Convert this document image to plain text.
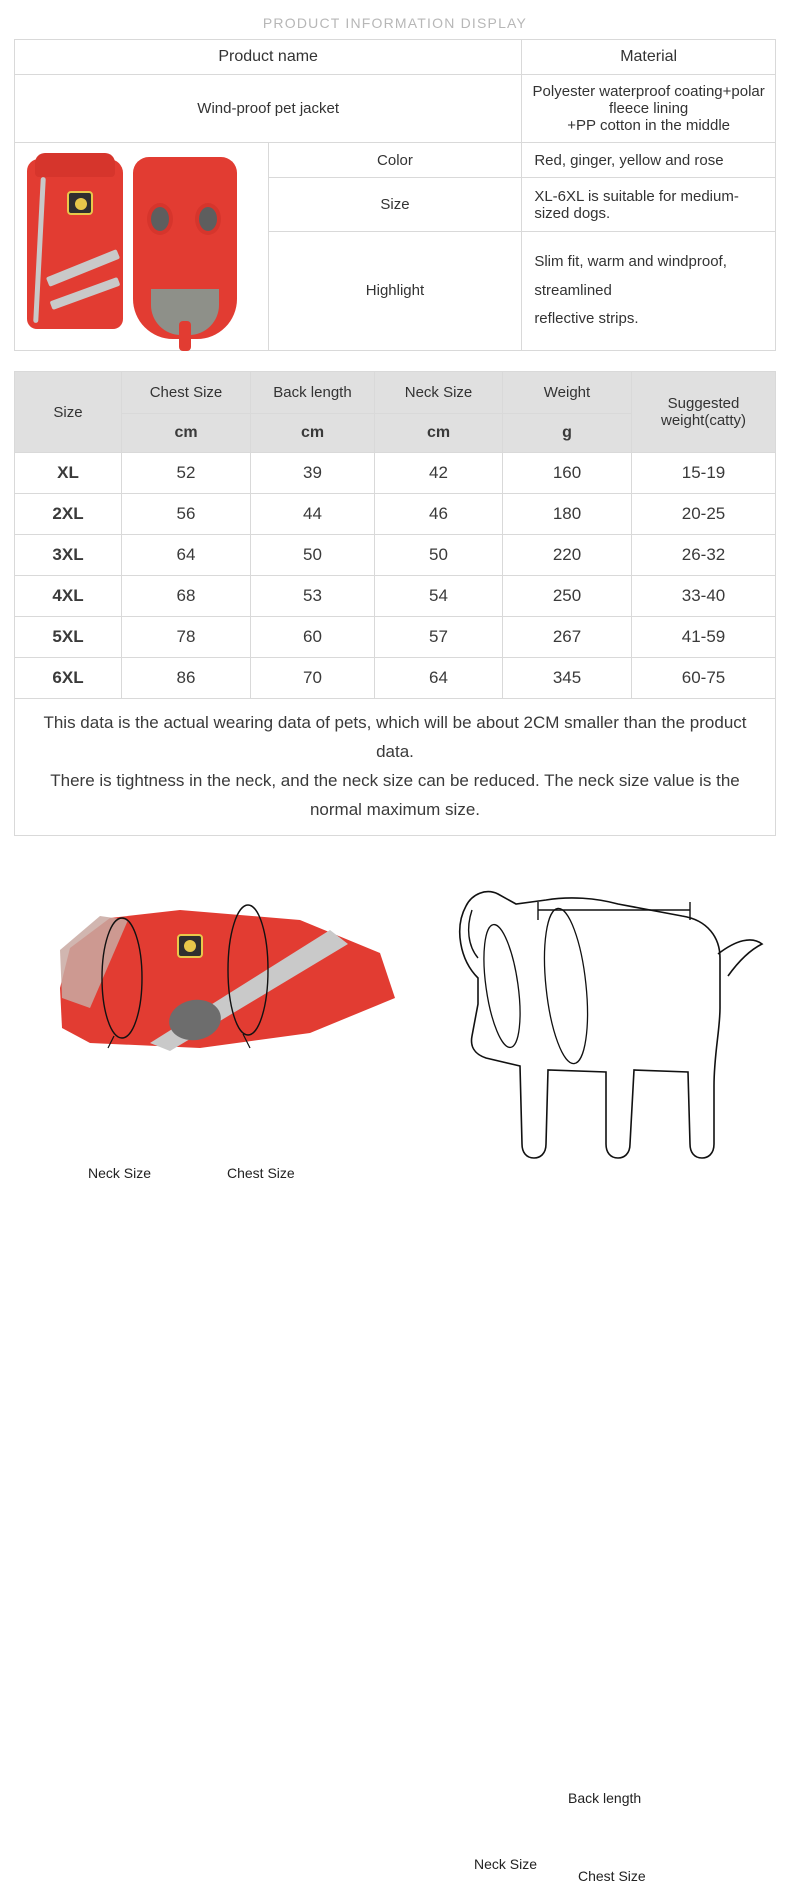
PRODUCT INFORMATION DISPLAY
Product name		Material
Wind-proof pet jacket		Polyester waterproof coating+polar fleece lining
+PP cotton in the middle

	Color	Red, ginger, yellow and rose
	Size	XL-6XL is suitable for medium-sized dogs.
	Highlight	Slim fit, warm and windproof, streamlined
reflective strips.
Size	Chest Size	Back length	Neck Size	Weight	Suggested weight(catty)
	cm	cm	cm	g	
XL	52	39	42	160	15-19
2XL	56	44	46	180	20-25
3XL	64	50	50	220	26-32
4XL	68	53	54	250	33-40
5XL	78	60	57	267	41-59
6XL	86	70	64	345	60-75
This data is the actual wearing data of pets, which will be about 2CM smaller than the product data.
There is tightness in the neck, and the neck size can be reduced. The neck size value is the normal maximum size.					
Neck Size	Chest Size
Neck Size
Chest Size
Back length
